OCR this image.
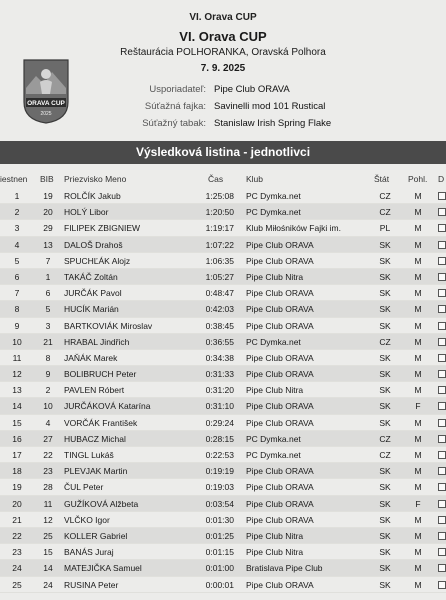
VI. Orava CUP
ORAVA CUP
2025
VI. Orava CUP
Reštaurácia POLHORANKA, Oravská Polhora
7. 9. 2025
Usporiadateľ: Pipe Club ORAVA
Súťažná fajka: Savinelli mod 101 Rustical
Súťažný tabak: Stanislaw Irish Spring Flake
Výsledková listina - jednotlivci
iestnen BIB Priezvisko Meno	Čas	Klub	Štát Pohl. D
1	19	ROLČÍK Jakub	1:25:08 PC Dymka.net	CZ	M
2	20	HOLÝ Libor	1:20:50 PC Dymka.net	CZ	M
3	29	FILIPEK ZBIGNIEW	1:19:17 Klub Miłośników Fajki im.	PL	M
4	13	DALOŠ Drahoš	1:07:22 Pipe Club ORAVA	SK	M
5	7	SPUCHĽÁK Alojz	1:06:35 Pipe Club ORAVA	SK	M
6	1	TAKÁČ Zoltán	1:05:27 Pipe Club Nitra	SK	M
7	6	JURČÁK Pavol	0:48:47 Pipe Club ORAVA	SK	M
8	5	HUCÍK Marián	0:42:03 Pipe Club ORAVA	SK	M
9	3	BARTKOVIÁK Miroslav	0:38:45 Pipe Club ORAVA	SK	M
10	21	HRABAL Jindřich	0:36:55 PC Dymka.net	CZ	M
11	8	JAŇÁK Marek	0:34:38 Pipe Club ORAVA	SK	M
12	9	BOLIBRUCH Peter	0:31:33 Pipe Club ORAVA	SK	M
13	2	PAVLEN Róbert	0:31:20 Pipe Club Nitra	SK	M
14	10	JURČÁKOVÁ Katarína	0:31:10 Pipe Club ORAVA	SK	F
15	4	VORČÁK František	0:29:24 Pipe Club ORAVA	SK	M
16	27	HUBACZ Michal	0:28:15 PC Dymka.net	CZ	M
17	22	TINGL Lukáš	0:22:53 PC Dymka.net	CZ	M
18	23	PLEVJAK Martin	0:19:19 Pipe Club ORAVA	SK	M
19	28	ČUL Peter	0:19:03 Pipe Club ORAVA	SK	M
20	11	GUŽÍKOVÁ Alžbeta	0:03:54 Pipe Club ORAVA	SK	F
21	12	VLČKO Igor	0:01:30 Pipe Club ORAVA	SK	M
22	25	KOLLER Gabriel	0:01:25 Pipe Club Nitra	SK	M
23	15	BANÁS Juraj	0:01:15 Pipe Club Nitra	SK	M
24	14	MATEJIČKA Samuel	0:01:00 Bratislava Pipe Club	SK	M
25	24	RUSINA Peter	0:00:01 Pipe Club ORAVA	SK	M
